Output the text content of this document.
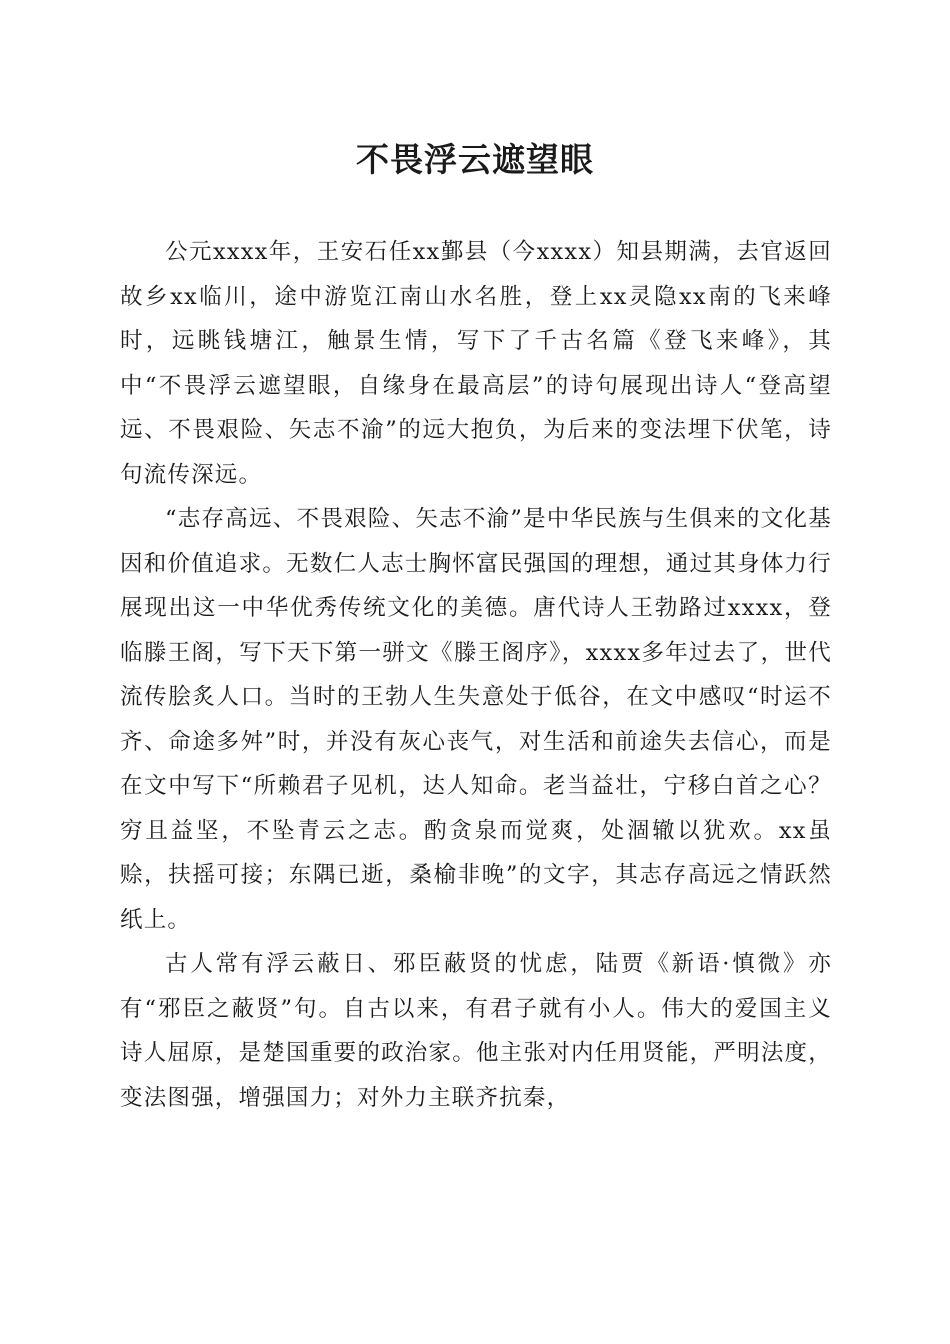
不畏浮云遮望眼

公元xxxx年，王安石任xx鄞县（今xxxx）知县期满，去官返回故乡xx临川，途中游览江南山水名胜，登上xx灵隐xx南的飞来峰时，远眺钱塘江，触景生情，写下了千古名篇《登飞来峰》，其中“不畏浮云遮望眼，自缘身在最高层”的诗句展现出诗人“登高望远、不畏艰险、矢志不渝”的远大抱负，为后来的变法埋下伏笔，诗句流传深远。

“志存高远、不畏艰险、矢志不渝”是中华民族与生俱来的文化基因和价值追求。无数仁人志士胸怀富民强国的理想，通过其身体力行展现出这一中华优秀传统文化的美德。唐代诗人王勃路过xxxx，登临滕王阁，写下天下第一骈文《滕王阁序》，xxxx多年过去了，世代流传脍炙人口。当时的王勃人生失意处于低谷，在文中感叹“时运不齐、命途多舛”时，并没有灰心丧气，对生活和前途失去信心，而是在文中写下“所赖君子见机，达人知命。老当益壮，宁移白首之心？穷且益坚，不坠青云之志。酌贪泉而觉爽，处涸辙以犹欢。xx虽赊，扶摇可接；东隅已逝，桑榆非晚”的文字，其志存高远之情跃然纸上。

古人常有浮云蔽日、邪臣蔽贤的忧虑，陆贾《新语·慎微》亦有“邪臣之蔽贤”句。自古以来，有君子就有小人。伟大的爱国主义诗人屈原，是楚国重要的政治家。他主张对内任用贤能，严明法度，变法图强，增强国力；对外力主联齐抗秦，
